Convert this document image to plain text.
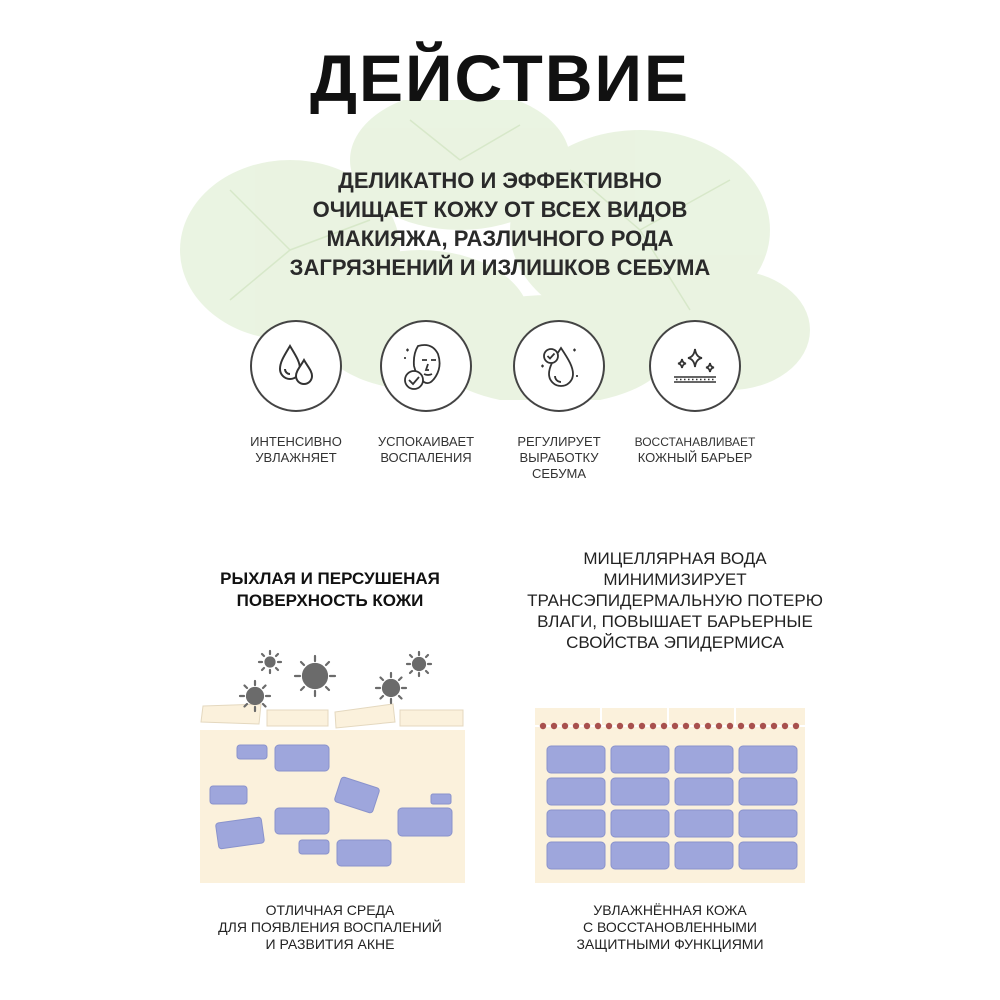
ДЕЙСТВИЕ
ДЕЛИКАТНО И ЭФФЕКТИВНО
ОЧИЩАЕТ КОЖУ ОТ ВСЕХ ВИДОВ
МАКИЯЖА, РАЗЛИЧНОГО РОДА
ЗАГРЯЗНЕНИЙ И ИЗЛИШКОВ СЕБУМА
ИНТЕНСИВНО
УВЛАЖНЯЕТ
УСПОКАИВАЕТ
ВОСПАЛЕНИЯ
РЕГУЛИРУЕТ
ВЫРАБОТКУ
СЕБУМА
ВОССТАНАВЛИВАЕТ
КОЖНЫЙ БАРЬЕР
РЫХЛАЯ И ПЕРСУШЕНАЯ
ПОВЕРХНОСТЬ КОЖИ
ОТЛИЧНАЯ СРЕДА
ДЛЯ ПОЯВЛЕНИЯ ВОСПАЛЕНИЙ
И РАЗВИТИЯ АКНЕ
МИЦЕЛЛЯРНАЯ ВОДА
МИНИМИЗИРУЕТ
ТРАНСЭПИДЕРМАЛЬНУЮ ПОТЕРЮ
ВЛАГИ, ПОВЫШАЕТ БАРЬЕРНЫЕ
СВОЙСТВА ЭПИДЕРМИСА
УВЛАЖНЁННАЯ КОЖА
С ВОССТАНОВЛЕННЫМИ
ЗАЩИТНЫМИ ФУНКЦИЯМИ
